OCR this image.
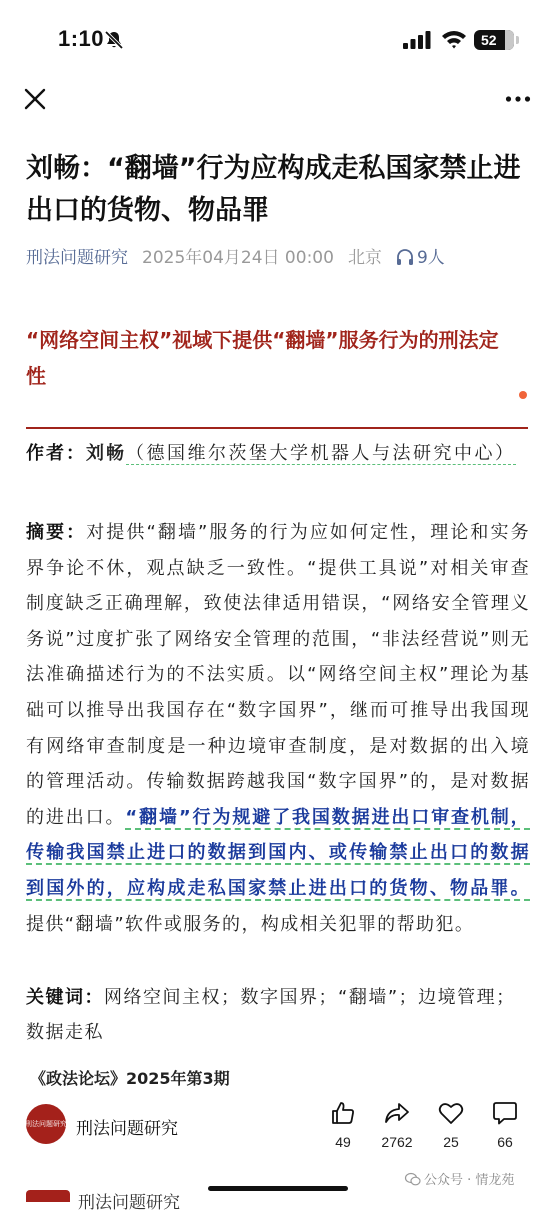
1:10	52
刘畅：“翻墙”行为应构成走私国家禁止进出口的货物、物品罪
刑法问题研究 2025年04月24日 00:00 北京 9人
“网络空间主权”视域下提供“翻墙”服务行为的刑法定性

作者：刘畅（德国维尔茨堡大学机器人与法研究中心）

摘要：对提供“翻墙”服务的行为应如何定性，理论和实务界争论不休，观点缺乏一致性。“提供工具说”对相关审查制度缺乏正确理解，致使法律适用错误，“网络安全管理义务说”过度扩张了网络安全管理的范围，“非法经营说”则无法准确描述行为的不法实质。以“网络空间主权”理论为基础可以推导出我国存在“数字国界”，继而可推导出我国现有网络审查制度是一种边境审查制度，是对数据的出入境的管理活动。传输数据跨越我国“数字国界”的，是对数据的进出口。“翻墙”行为规避了我国数据进出口审查机制，传输我国禁止进口的数据到国内、或传输禁止出口的数据到国外的，应构成走私国家禁止进出口的货物、物品罪。提供“翻墙”软件或服务的，构成相关犯罪的帮助犯。

关键词：网络空间主权；数字国界；“翻墙”；边境管理；数据走私

《政法论坛》2025年第3期

刑法问题研究 刑法问题研究
49	2762	25	66
公众号 · 情龙苑
刑法问题研究
